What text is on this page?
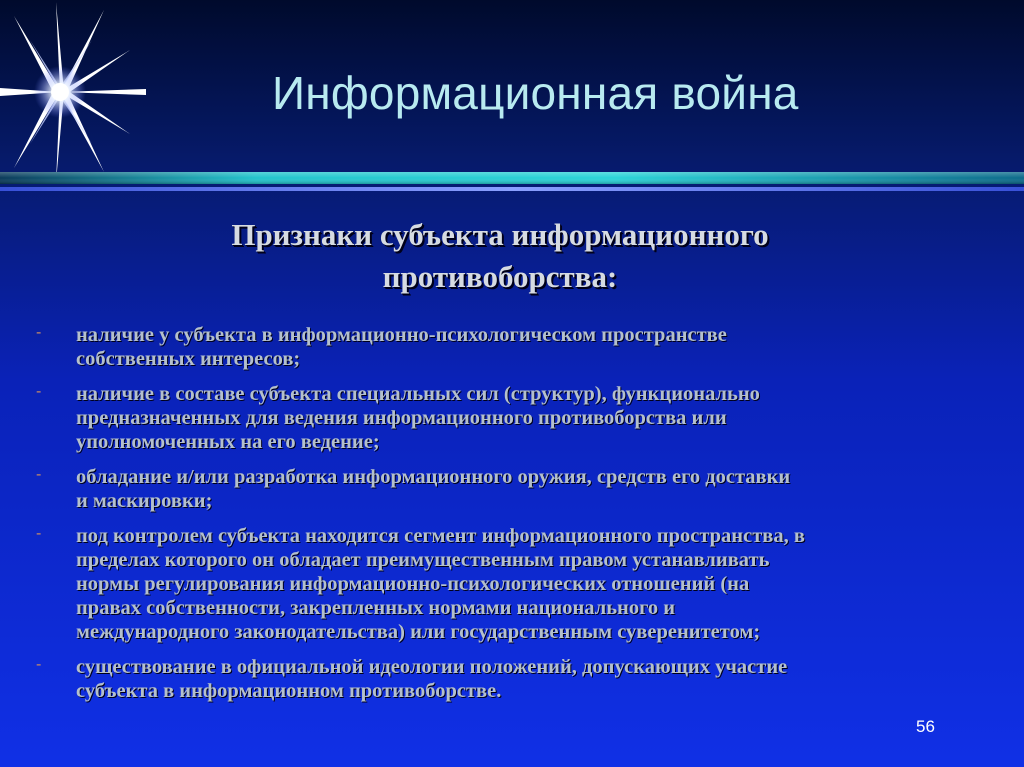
Информационная война
Признаки субъекта информационного
противоборства:
- наличие у субъекта в информационно-психологическом пространстве
собственных интересов;
- наличие в составе субъекта специальных сил (структур), функционально
предназначенных для ведения информационного противоборства или
уполномоченных на его ведение;
- обладание и/или разработка информационного оружия, средств его доставки
и маскировки;
- под контролем субъекта находится сегмент информационного пространства, в
пределах которого он обладает преимущественным правом устанавливать
нормы регулирования информационно-психологических отношений (на
правах собственности, закрепленных нормами национального и
международного законодательства) или государственным суверенитетом;
- существование в официальной идеологии положений, допускающих участие
субъекта в информационном противоборстве.
56
